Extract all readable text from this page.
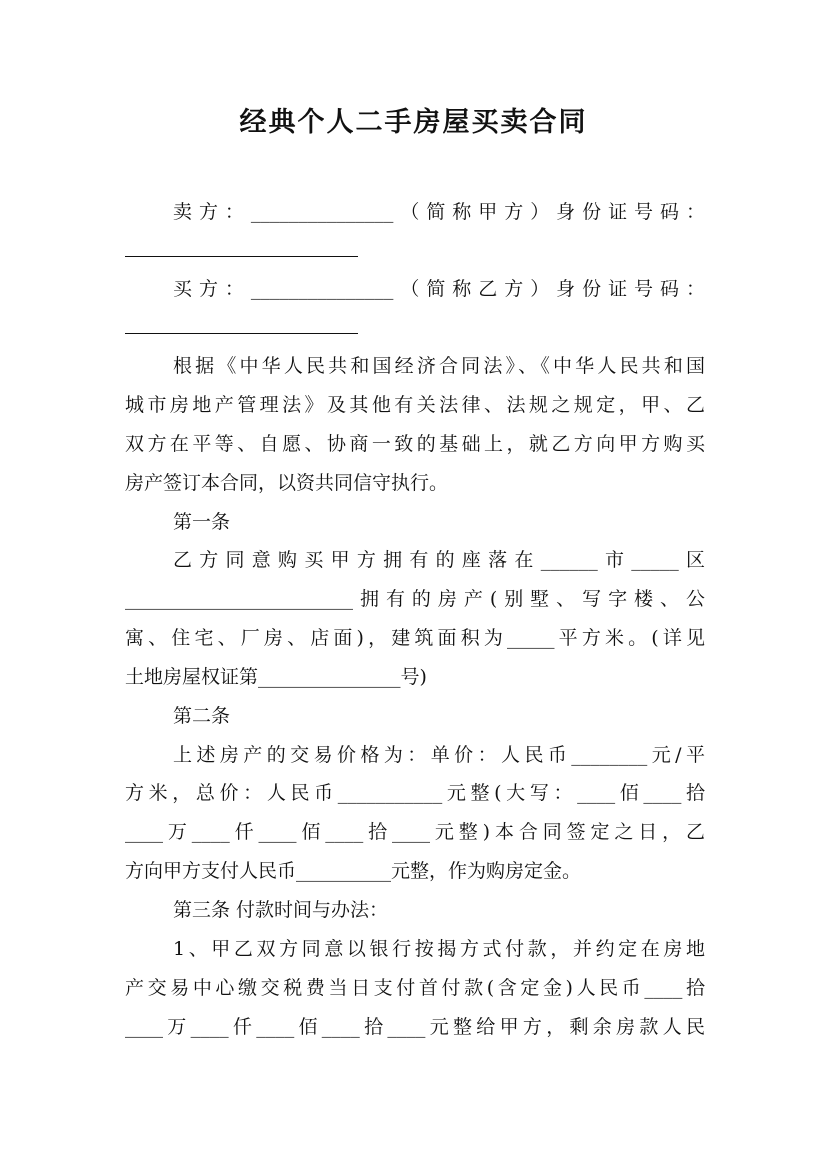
经典个人二手房屋买卖合同
卖方：_______________（简称甲方）身份证号码：
买方：_______________（简称乙方）身份证号码：
根据《中华人民共和国经济合同法》、《中华人民共和国
城市房地产管理法》及其他有关法律、法规之规定，甲、乙
双方在平等、自愿、协商一致的基础上，就乙方向甲方购买
房产签订本合同，以资共同信守执行。
第一条
乙方同意购买甲方拥有的座落在______市_____区
________________________拥有的房产(别墅、写字楼、公
寓、住宅、厂房、店面)，建筑面积为_____平方米。(详见
土地房屋权证第_______________号)
第二条
上述房产的交易价格为：单价：人民币________元/平
方米，总价：人民币___________元整(大写：____佰____拾
____万____仟____佰____拾____元整)本合同签定之日，乙
方向甲方支付人民币__________元整，作为购房定金。
第三条 付款时间与办法：
1、甲乙双方同意以银行按揭方式付款，并约定在房地
产交易中心缴交税费当日支付首付款(含定金)人民币____拾
____万____仟____佰____拾____元整给甲方，剩余房款人民
